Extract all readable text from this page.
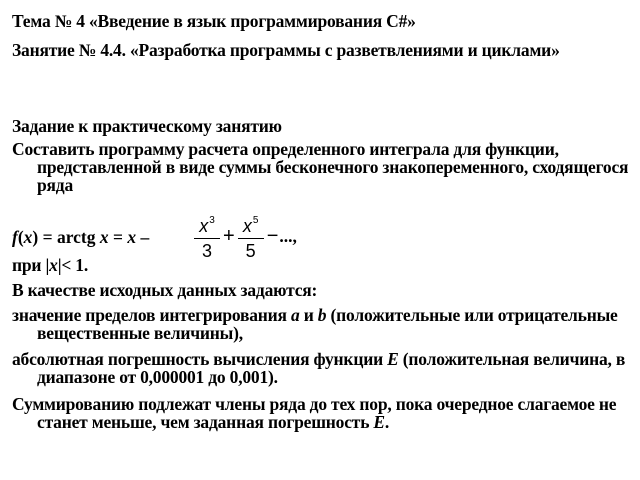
Тема № 4 «Введение в язык программирования C#»
Занятие № 4.4. «Разработка программы с разветвлениями и циклами»
Задание к практическому занятию
Составить программу расчета определенного интеграла для функции, представленной в виде суммы бесконечного знакопеременного, сходящегося ряда
f(x) = arctg $x = x - \frac{x^3}{3} + \frac{x^5}{5}$ − ...,
при |x|< 1.
В качестве исходных данных задаются:
значение пределов интегрирования a и b (положительные или отрицательные вещественные величины),
абсолютная погрешность вычисления функции E (положительная величина, в диапазоне от 0,000001 до 0,001).
Суммированию подлежат члены ряда до тех пор, пока очередное слагаемое не станет меньше, чем заданная погрешность E.
